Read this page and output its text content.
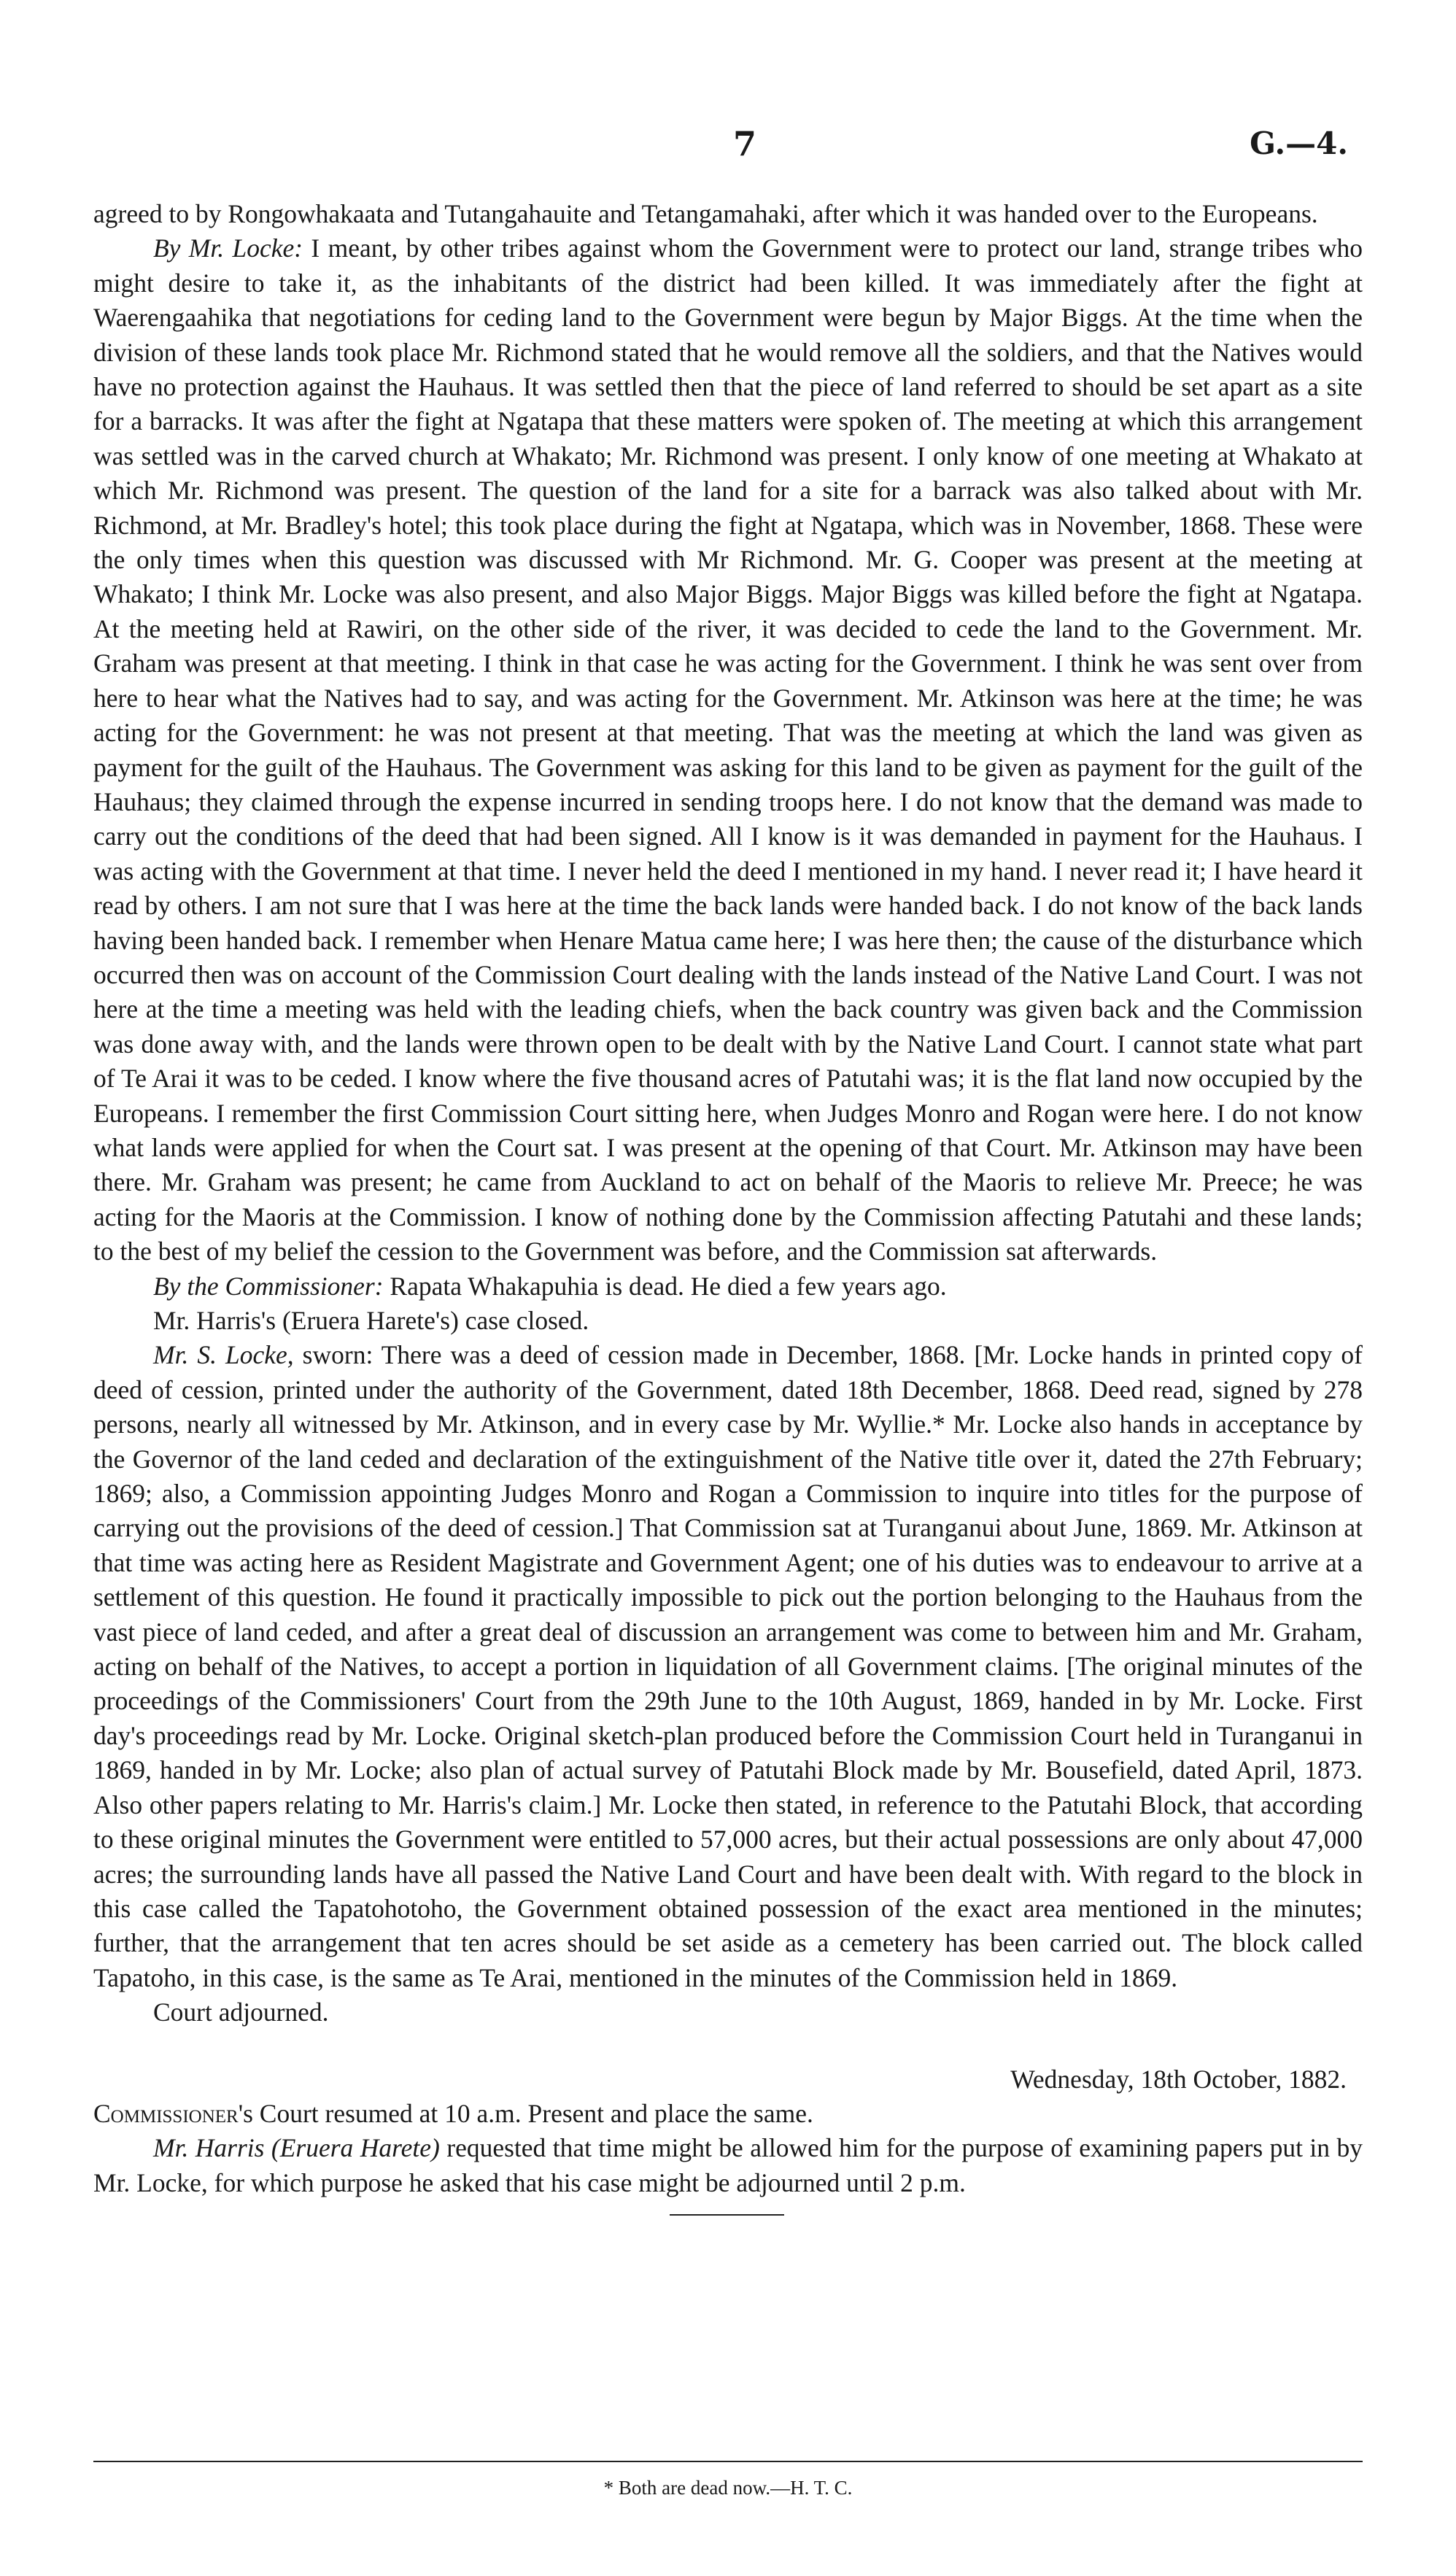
7	G.—4.

agreed to by Rongowhakaata and Tutangahauite and Tetangamahaki, after which it was handed over to the Europeans.

By Mr. Locke: I meant, by other tribes against whom the Government were to protect our land, strange tribes who might desire to take it, as the inhabitants of the district had been killed. It was immediately after the fight at Waerengaahika that negotiations for ceding land to the Government were begun by Major Biggs. At the time when the division of these lands took place Mr. Richmond stated that he would remove all the soldiers, and that the Natives would have no protection against the Hauhaus. It was settled then that the piece of land referred to should be set apart as a site for a barracks. It was after the fight at Ngatapa that these matters were spoken of. The meeting at which this arrangement was settled was in the carved church at Whakato; Mr. Richmond was present. I only know of one meeting at Whakato at which Mr. Richmond was present. The question of the land for a site for a barrack was also talked about with Mr. Richmond, at Mr. Bradley's hotel; this took place during the fight at Ngatapa, which was in November, 1868. These were the only times when this question was discussed with Mr Richmond. Mr. G. Cooper was present at the meeting at Whakato; I think Mr. Locke was also present, and also Major Biggs. Major Biggs was killed before the fight at Ngatapa. At the meeting held at Rawiri, on the other side of the river, it was decided to cede the land to the Government. Mr. Graham was present at that meeting. I think in that case he was acting for the Government. I think he was sent over from here to hear what the Natives had to say, and was acting for the Government. Mr. Atkinson was here at the time; he was acting for the Government: he was not present at that meeting. That was the meeting at which the land was given as payment for the guilt of the Hauhaus. The Government was asking for this land to be given as payment for the guilt of the Hauhaus; they claimed through the expense incurred in sending troops here. I do not know that the demand was made to carry out the conditions of the deed that had been signed. All I know is it was demanded in payment for the Hauhaus. I was acting with the Government at that time. I never held the deed I mentioned in my hand. I never read it; I have heard it read by others. I am not sure that I was here at the time the back lands were handed back. I do not know of the back lands having been handed back. I remember when Henare Matua came here; I was here then; the cause of the disturbance which occurred then was on account of the Commission Court dealing with the lands instead of the Native Land Court. I was not here at the time a meeting was held with the leading chiefs, when the back country was given back and the Commission was done away with, and the lands were thrown open to be dealt with by the Native Land Court. I cannot state what part of Te Arai it was to be ceded. I know where the five thousand acres of Patutahi was; it is the flat land now occupied by the Europeans. I remember the first Commission Court sitting here, when Judges Monro and Rogan were here. I do not know what lands were applied for when the Court sat. I was present at the opening of that Court. Mr. Atkinson may have been there. Mr. Graham was present; he came from Auckland to act on behalf of the Maoris to relieve Mr. Preece; he was acting for the Maoris at the Commission. I know of nothing done by the Commission affecting Patutahi and these lands; to the best of my belief the cession to the Government was before, and the Commission sat afterwards.

By the Commissioner: Rapata Whakapuhia is dead. He died a few years ago.

Mr. Harris's (Eruera Harete's) case closed.

Mr. S. Locke, sworn: There was a deed of cession made in December, 1868. [Mr. Locke hands in printed copy of deed of cession, printed under the authority of the Government, dated 18th December, 1868. Deed read, signed by 278 persons, nearly all witnessed by Mr. Atkinson, and in every case by Mr. Wyllie.* Mr. Locke also hands in acceptance by the Governor of the land ceded and declaration of the extinguishment of the Native title over it, dated the 27th February; 1869; also, a Commission appointing Judges Monro and Rogan a Commission to inquire into titles for the purpose of carrying out the provisions of the deed of cession.] That Commission sat at Turanganui about June, 1869. Mr. Atkinson at that time was acting here as Resident Magistrate and Government Agent; one of his duties was to endeavour to arrive at a settlement of this question. He found it practically impossible to pick out the portion belonging to the Hauhaus from the vast piece of land ceded, and after a great deal of discussion an arrangement was come to between him and Mr. Graham, acting on behalf of the Natives, to accept a portion in liquidation of all Government claims. [The original minutes of the proceedings of the Commissioners' Court from the 29th June to the 10th August, 1869, handed in by Mr. Locke. First day's proceedings read by Mr. Locke. Original sketch-plan produced before the Commission Court held in Turanganui in 1869, handed in by Mr. Locke; also plan of actual survey of Patutahi Block made by Mr. Bousefield, dated April, 1873. Also other papers relating to Mr. Harris's claim.] Mr. Locke then stated, in reference to the Patutahi Block, that according to these original minutes the Government were entitled to 57,000 acres, but their actual possessions are only about 47,000 acres; the surrounding lands have all passed the Native Land Court and have been dealt with. With regard to the block in this case called the Tapatohotoho, the Government obtained possession of the exact area mentioned in the minutes; further, that the arrangement that ten acres should be set aside as a cemetery has been carried out. The block called Tapatoho, in this case, is the same as Te Arai, mentioned in the minutes of the Commission held in 1869.

Court adjourned.

Wednesday, 18th October, 1882.

Commissioner's Court resumed at 10 a.m. Present and place the same.

Mr. Harris (Eruera Harete) requested that time might be allowed him for the purpose of examining papers put in by Mr. Locke, for which purpose he asked that his case might be adjourned until 2 p.m.

* Both are dead now.—H. T. C.
